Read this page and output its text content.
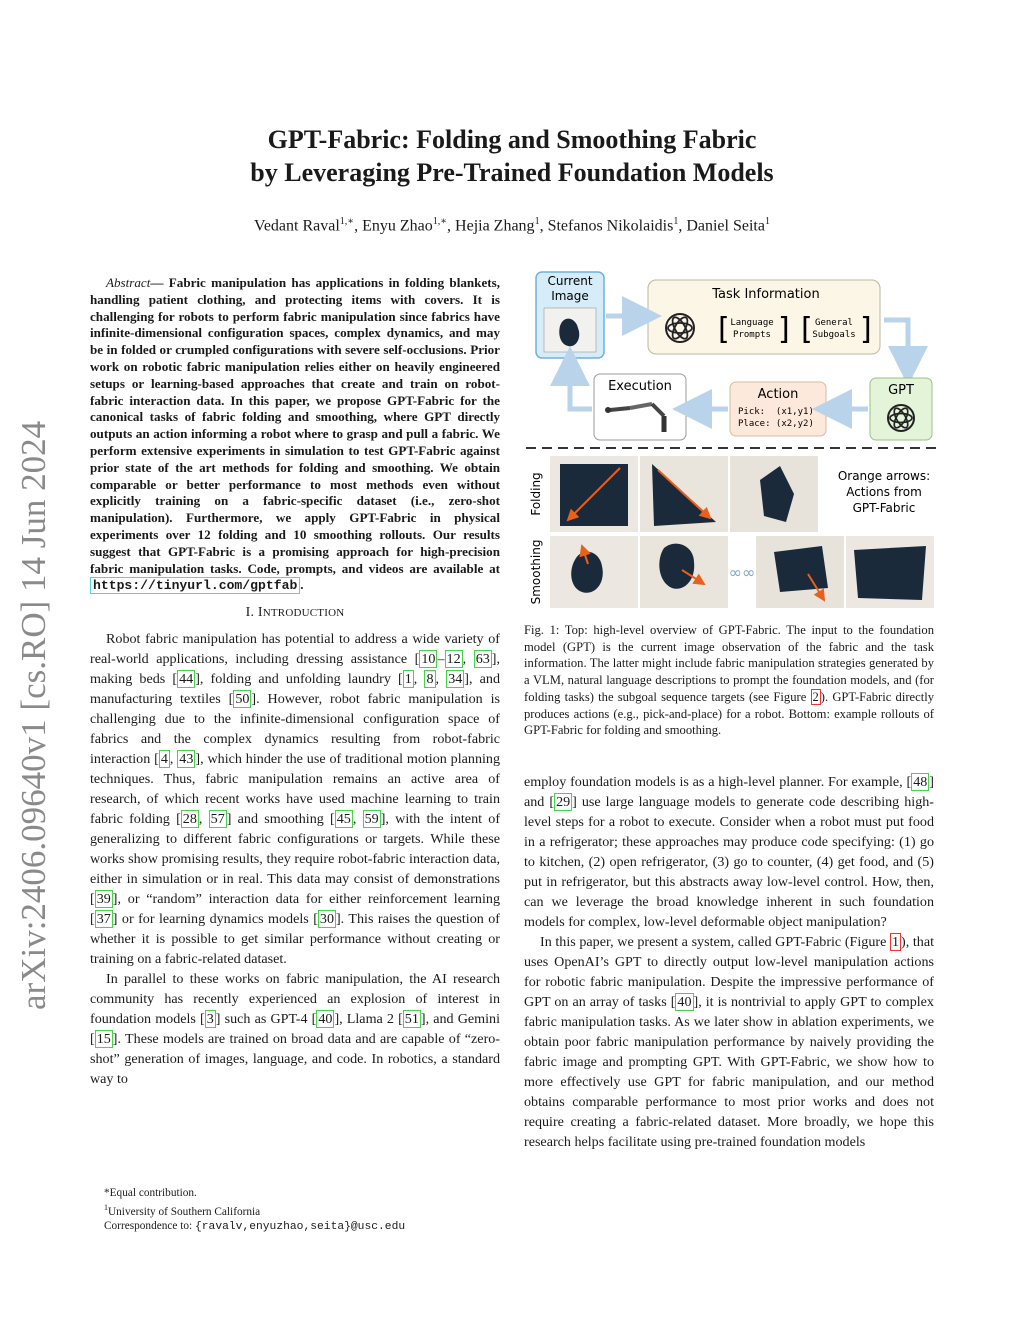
arXiv:2406.09640v1 [cs.RO] 14 Jun 2024
GPT-Fabric: Folding and Smoothing Fabric
by Leveraging Pre-Trained Foundation Models
Vedant Raval$^{1,∗}$, Enyu Zhao$^{1,∗}$, Hejia Zhang$^1$, Stefanos Nikolaidis$^1$, Daniel Seita$^1$

Abstract— Fabric manipulation has applications in folding blankets, handling patient clothing, and protecting items with covers. It is challenging for robots to perform fabric manipulation since fabrics have infinite-dimensional configuration spaces, complex dynamics, and may be in folded or crumpled configurations with severe self-occlusions. Prior work on robotic fabric manipulation relies either on heavily engineered setups or learning-based approaches that create and train on robot-fabric interaction data. In this paper, we propose GPT-Fabric for the canonical tasks of fabric folding and smoothing, where GPT directly outputs an action informing a robot where to grasp and pull a fabric. We perform extensive experiments in simulation to test GPT-Fabric against prior state of the art methods for folding and smoothing. We obtain comparable or better performance to most methods even without explicitly training on a fabric-specific dataset (i.e., zero-shot manipulation). Furthermore, we apply GPT-Fabric in physical experiments over 12 folding and 10 smoothing rollouts. Our results suggest that GPT-Fabric is a promising approach for high-precision fabric manipulation tasks. Code, prompts, and videos are available at https://tinyurl.com/gptfab .

I. INTRODUCTION

Robot fabric manipulation has potential to address a wide variety of real-world applications, including dressing assistance [ 10 – 12 , 63 ], making beds [ 44 ], folding and unfolding laundry [ 1 , 8 , 34 ], and manufacturing textiles [ 50 ]. However, robot fabric manipulation is challenging due to the infinite-dimensional configuration space of fabrics and the complex dynamics resulting from robot-fabric interaction [ 4 , 43 ], which hinder the use of traditional motion planning techniques. Thus, fabric manipulation remains an active area of research, of which recent works have used machine learning to train fabric folding [ 28 , 57 ] and smoothing [ 45 , 59 ], with the intent of generalizing to different fabric configurations or targets. While these works show promising results, they require robot-fabric interaction data, either in simulation or in real. This data may consist of demonstrations [ 39 ], or “random” interaction data for either reinforcement learning [ 37 ] or for learning dynamics models [ 30 ]. This raises the question of whether it is possible to get similar performance without creating or training on a fabric-related dataset.

In parallel to these works on fabric manipulation, the AI research community has recently experienced an explosion of interest in foundation models [ 3 ] such as GPT-4 [ 40 ], Llama 2 [ 51 ], and Gemini [ 15 ]. These models are trained on broad data and are capable of “zero-shot” generation of images, language, and code. In robotics, a standard way to

*Equal contribution.
$^1$University of Southern California
Correspondence to: {ravalv,enyuzhao,seita}@usc.edu
Current
Image	Task Information
[ Language
Prompts ] [ General
Subgoals ]
GPT
Action
Pick:  (x1,y1)
Place: (x2,y2)
Execution
Folding
Smoothing
Orange arrows:
Actions from
GPT-Fabric
∞∞
Fig. 1: Top: high-level overview of GPT-Fabric. The input to the foundation model (GPT) is the current image observation of the fabric and the task information. The latter might include fabric manipulation strategies generated by a VLM, natural language descriptions to prompt the foundation models, and (for folding tasks) the subgoal sequence targets (see Figure 2 ). GPT-Fabric directly produces actions (e.g., pick-and-place) for a robot. Bottom: example rollouts of GPT-Fabric for folding and smoothing.

employ foundation models is as a high-level planner. For example, [ 48 ] and [ 29 ] use large language models to generate code describing high-level steps for a robot to execute. Consider when a robot must put food in a refrigerator; these approaches may produce code specifying: (1) go to kitchen, (2) open refrigerator, (3) go to counter, (4) get food, and (5) put in refrigerator, but this abstracts away low-level control. How, then, can we leverage the broad knowledge inherent in such foundation models for complex, low-level deformable object manipulation?

In this paper, we present a system, called GPT-Fabric (Figure 1 ), that uses OpenAI’s GPT to directly output low-level manipulation actions for robotic fabric manipulation. Despite the impressive performance of GPT on an array of tasks [ 40 ], it is nontrivial to apply GPT to complex fabric manipulation tasks. As we later show in ablation experiments, we obtain poor fabric manipulation performance by naively providing the fabric image and prompting GPT. With GPT-Fabric, we show how to more effectively use GPT for fabric manipulation, and our method obtains comparable performance to most prior works and does not require creating a fabric-related dataset. More broadly, we hope this research helps facilitate using pre-trained foundation models
